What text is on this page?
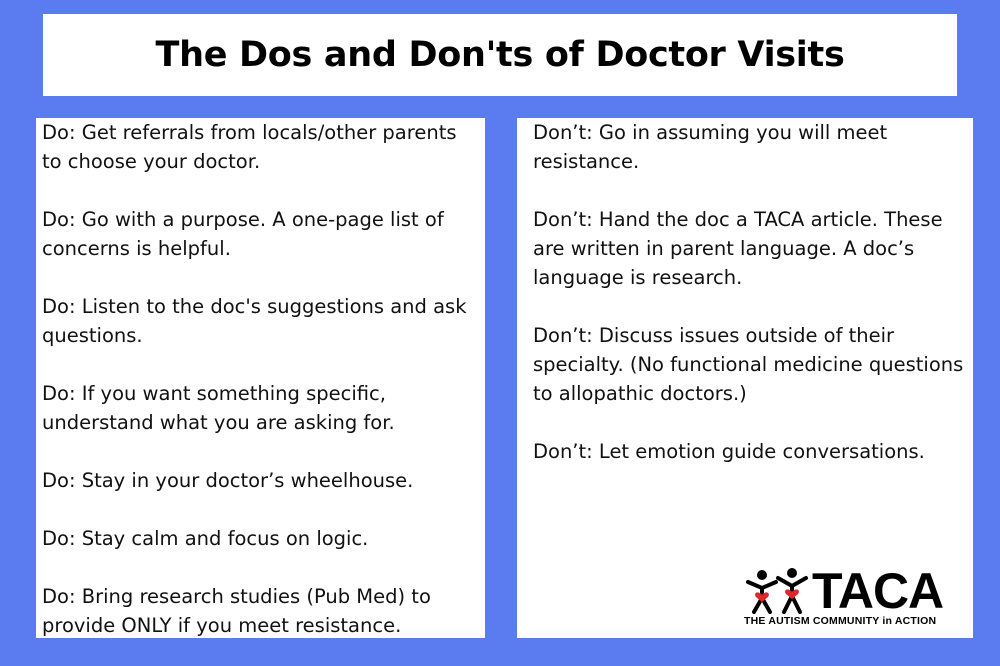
The Dos and Don'ts of Doctor Visits

Do: Get referrals from locals/other parents to choose your doctor.

Do: Go with a purpose. A one-page list of concerns is helpful.

Do: Listen to the doc's suggestions and ask questions.

Do: If you want something specific, understand what you are asking for.

Do: Stay in your doctor’s wheelhouse.

Do: Stay calm and focus on logic.

Do: Bring research studies (Pub Med) to provide ONLY if you meet resistance.

Don’t: Go in assuming you will meet resistance.

Don’t: Hand the doc a TACA article. These are written in parent language. A doc’s language is research.

Don’t: Discuss issues outside of their specialty. (No functional medicine questions to allopathic doctors.)

Don’t: Let emotion guide conversations.

TACA
THE AUTISM COMMUNITY in ACTION
